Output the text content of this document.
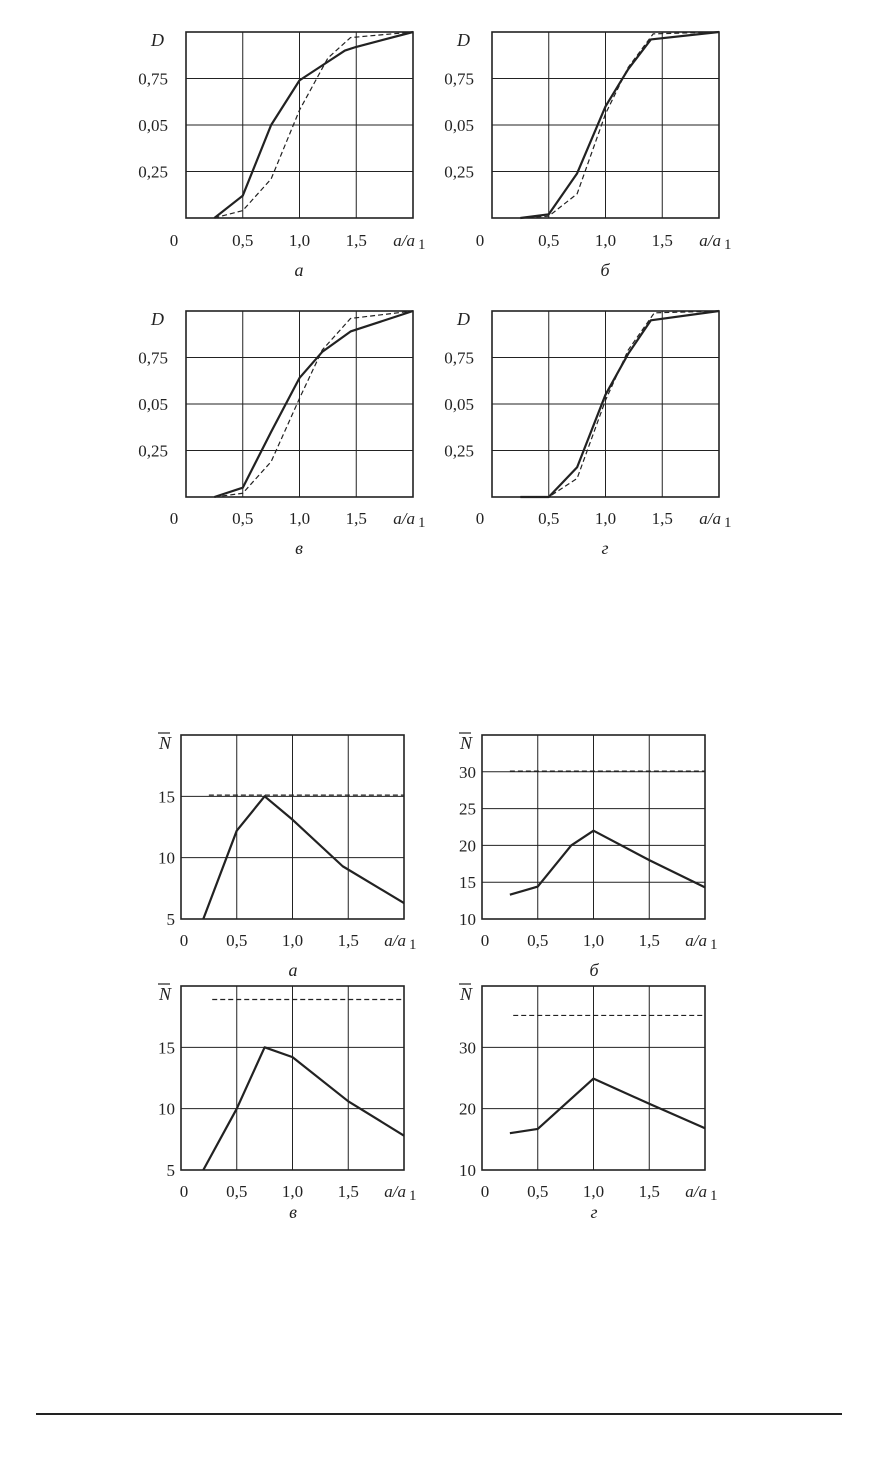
0,25
0,05
0,75
D
0	0,5 1,0 1,5 a/a 1
а
0,25
0,05
0,75
D
0	0,5 1,0 1,5 a/a 1
б
0,25
0,05
0,75
D
0	0,5 1,0 1,5 a/a 1
в
0,25
0,05
0,75
D
0	0,5 1,0 1,5 a/a 1
г
5
10
15
N
0 0,5 1,0 1,5 a/a 1
а
10
15
20
25
30
N
0 0,5 1,0 1,5 a/a 1
б
5
10
15
N
0 0,5 1,0 1,5 a/a 1
в
10
20
30
N
0 0,5 1,0 1,5 a/a 1
г
